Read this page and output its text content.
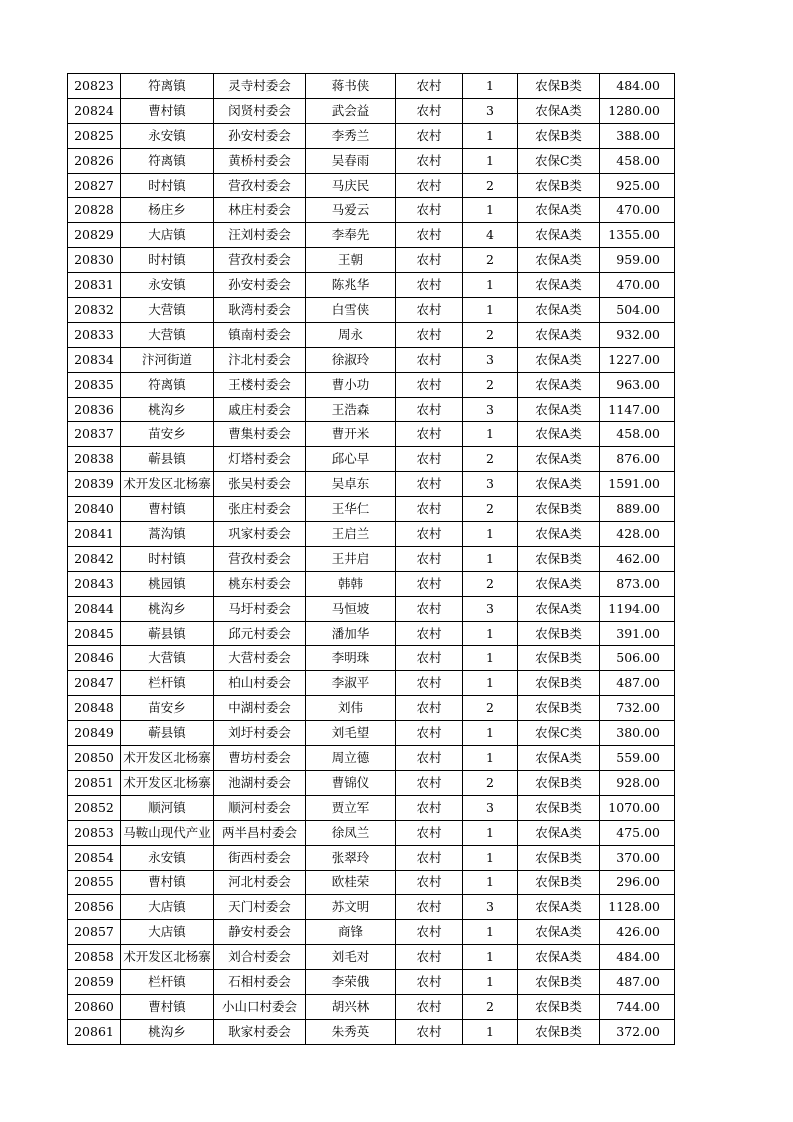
20823	符离镇	灵寺村委会	蒋书侠	农村	1	农保B类	484.00
20824	曹村镇	闵贤村委会	武会益	农村	3	农保A类	1280.00
20825	永安镇	孙安村委会	李秀兰	农村	1	农保B类	388.00
20826	符离镇	黄桥村委会	吴春雨	农村	1	农保C类	458.00
20827	时村镇	营孜村委会	马庆民	农村	2	农保B类	925.00
20828	杨庄乡	林庄村委会	马爱云	农村	1	农保A类	470.00
20829	大店镇	汪刘村委会	李奉先	农村	4	农保A类	1355.00
20830	时村镇	营孜村委会	王朝	农村	2	农保A类	959.00
20831	永安镇	孙安村委会	陈兆华	农村	1	农保A类	470.00
20832	大营镇	耿湾村委会	白雪侠	农村	1	农保A类	504.00
20833	大营镇	镇南村委会	周永	农村	2	农保A类	932.00
20834	汴河街道	汴北村委会	徐淑玲	农村	3	农保A类	1227.00
20835	符离镇	王楼村委会	曹小功	农村	2	农保A类	963.00
20836	桃沟乡	戚庄村委会	王浩森	农村	3	农保A类	1147.00
20837	苗安乡	曹集村委会	曹开米	农村	1	农保A类	458.00
20838	蕲县镇	灯塔村委会	邱心早	农村	2	农保A类	876.00
20839	术开发区北杨寨	张吴村委会	吴卓东	农村	3	农保A类	1591.00
20840	曹村镇	张庄村委会	王华仁	农村	2	农保B类	889.00
20841	蒿沟镇	巩家村委会	王启兰	农村	1	农保A类	428.00
20842	时村镇	营孜村委会	王井启	农村	1	农保B类	462.00
20843	桃园镇	桃东村委会	韩韩	农村	2	农保A类	873.00
20844	桃沟乡	马圩村委会	马恒坡	农村	3	农保A类	1194.00
20845	蕲县镇	邱元村委会	潘加华	农村	1	农保B类	391.00
20846	大营镇	大营村委会	李明珠	农村	1	农保B类	506.00
20847	栏杆镇	柏山村委会	李淑平	农村	1	农保B类	487.00
20848	苗安乡	中湖村委会	刘伟	农村	2	农保B类	732.00
20849	蕲县镇	刘圩村委会	刘毛望	农村	1	农保C类	380.00
20850	术开发区北杨寨	曹坊村委会	周立德	农村	1	农保A类	559.00
20851	术开发区北杨寨	池湖村委会	曹锦仪	农村	2	农保B类	928.00
20852	顺河镇	顺河村委会	贾立军	农村	3	农保B类	1070.00
20853	马鞍山现代产业	两半昌村委会	徐凤兰	农村	1	农保A类	475.00
20854	永安镇	街西村委会	张翠玲	农村	1	农保B类	370.00
20855	曹村镇	河北村委会	欧桂荣	农村	1	农保B类	296.00
20856	大店镇	天门村委会	苏文明	农村	3	农保A类	1128.00
20857	大店镇	静安村委会	商锋	农村	1	农保A类	426.00
20858	术开发区北杨寨	刘合村委会	刘毛对	农村	1	农保A类	484.00
20859	栏杆镇	石相村委会	李荣俄	农村	1	农保B类	487.00
20860	曹村镇	小山口村委会	胡兴林	农村	2	农保B类	744.00
20861	桃沟乡	耿家村委会	朱秀英	农村	1	农保B类	372.00
